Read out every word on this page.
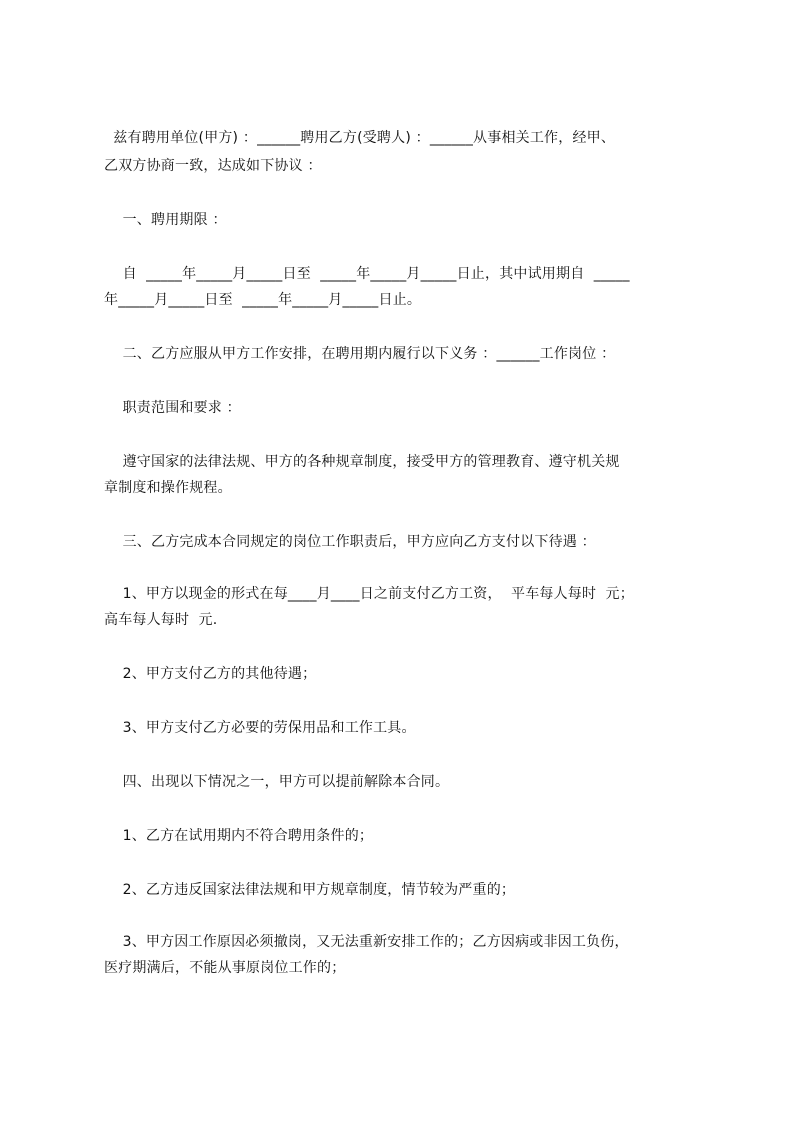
兹有聘用单位(甲方) ：______聘用乙方(受聘人) ：______从事相关工作，经甲、
乙双方协商一致，达成如下协议 ：
一、聘用期限 ：
自  _____年_____月_____日至  _____年_____月_____日止，其中试用期自  _____
年_____月_____日至  _____年_____月_____日止。
二、乙方应服从甲方工作安排，在聘用期内履行以下义务 ：______工作岗位 ：
职责范围和要求 ：
遵守国家的法律法规、甲方的各种规章制度，接受甲方的管理教育、遵守机关规
章制度和操作规程。
三、乙方完成本合同规定的岗位工作职责后，甲方应向乙方支付以下待遇 ：
1、甲方以现金的形式在每____月____日之前支付乙方工资，  平车每人每时  元；
高车每人每时  元.
2、甲方支付乙方的其他待遇；
3、甲方支付乙方必要的劳保用品和工作工具。
四、出现以下情况之一，甲方可以提前解除本合同。
1、乙方在试用期内不符合聘用条件的；
2、乙方违反国家法律法规和甲方规章制度，情节较为严重的；
3、甲方因工作原因必须撤岗，又无法重新安排工作的；乙方因病或非因工负伤，
医疗期满后，不能从事原岗位工作的；
